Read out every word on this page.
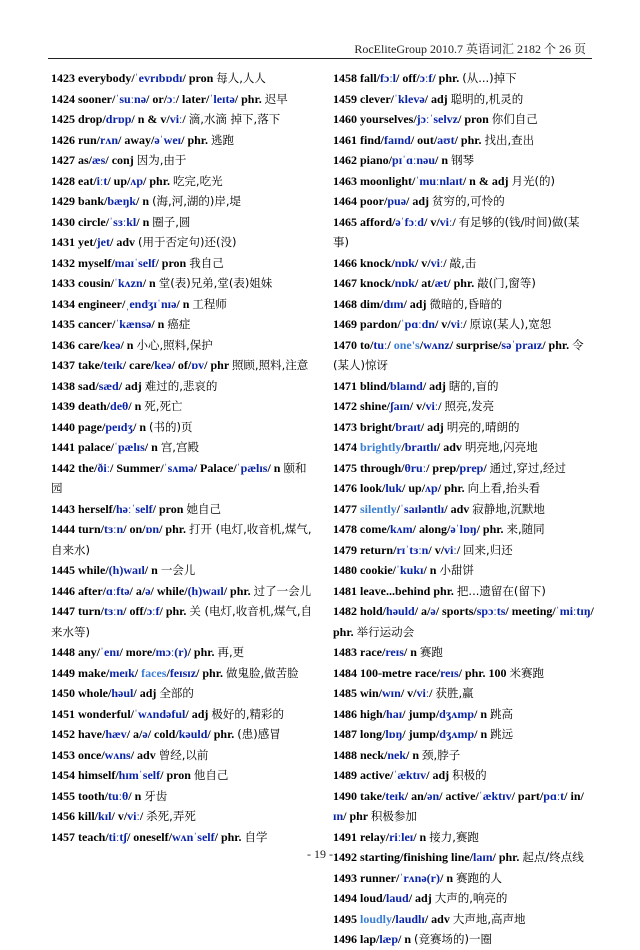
RocEliteGroup 2010.7 英语词汇 2182 个 26 页

1423 everybody/ˈevrɪbɒdɪ/ pron 每人,人人

1424 sooner/ˈsuːnə/ or/ɔː/ later/ˈleɪtə/ phr. 迟早

1425 drop/drɒp/ n & v/viː/ 滴,水滴 掉下,落下

1426 run/rʌn/ away/əˈweɪ/ phr. 逃跑

1427 as/æs/ conj 因为,由于

1428 eat/iːt/ up/ʌp/ phr. 吃完,吃光

1429 bank/bæŋk/ n (海,河,湖的)岸,堤

1430 circle/ˈsɜːkl/ n 圈子,圆

1431 yet/jet/ adv (用于否定句)还(没)

1432 myself/maɪˈself/ pron 我自己

1433 cousin/ˈkʌzn/ n 堂(表)兄弟,堂(表)姐妹

1434 engineer/ˌendʒɪˈnɪə/ n 工程师

1435 cancer/ˈkænsə/ n 癌症

1436 care/keə/ n 小心,照料,保护

1437 take/teɪk/ care/keə/ of/ɒv/ phr 照顾,照料,注意

1438 sad/sæd/ adj 难过的,悲哀的

1439 death/deθ/ n 死,死亡

1440 page/peɪdʒ/ n (书的)页

1441 palace/ˈpælɪs/ n 宫,宫殿

1442 the/ðiː/ Summer/ˈsʌmə/ Palace/ˈpælɪs/ n 颐和园

1443 herself/həːˈself/ pron 她自己

1444 turn/tɜːn/ on/ɒn/ phr. 打开 (电灯,收音机,煤气,自来水)

1445 while/(h)waɪl/ n 一会儿

1446 after/ɑːftə/ a/ə/ while/(h)waɪl/ phr. 过了一会儿

1447 turn/tɜːn/ off/ɔːf/ phr. 关 (电灯,收音机,煤气,自来水等)

1448 any/ˈenɪ/ more/mɔː(r)/ phr. 再,更

1449 make/meɪk/ faces/feɪsɪz/ phr. 做鬼脸,做苦脸

1450 whole/həul/ adj 全部的

1451 wonderful/ˈwʌndəful/ adj 极好的,精彩的

1452 have/hæv/ a/ə/ cold/kəuld/ phr. (患)感冒

1453 once/wʌns/ adv 曾经,以前

1454 himself/hɪmˈself/ pron 他自己

1455 tooth/tuːθ/ n 牙齿

1456 kill/kɪl/ v/viː/ 杀死,弄死

1457 teach/tiːtʃ/ oneself/wʌnˈself/ phr. 自学

1458 fall/fɔːl/ off/ɔːf/ phr. (从...)掉下

1459 clever/ˈklevə/ adj 聪明的,机灵的

1460 yourselves/jɔːˈselvz/ pron 你们自己

1461 find/faɪnd/ out/aʊt/ phr. 找出,查出

1462 piano/pɪˈɑːnəu/ n 钢琴

1463 moonlight/ˈmuːnlaɪt/ n & adj 月光(的)

1464 poor/puə/ adj 贫穷的,可怜的

1465 afford/əˈfɔːd/ v/viː/ 有足够的(钱/时间)做(某事)

1466 knock/nɒk/ v/viː/ 敲,击

1467 knock/nɒk/ at/æt/ phr. 敲(门,窗等)

1468 dim/dɪm/ adj 微暗的,昏暗的

1469 pardon/ˈpɑːdn/ v/viː/ 原谅(某人),宽恕

1470 to/tuː/ one's/wʌnz/ surprise/səˈpraɪz/ phr. 令(某人)惊讶

1471 blind/blaɪnd/ adj 瞎的,盲的

1472 shine/ʃaɪn/ v/viː/ 照亮,发亮

1473 bright/braɪt/ adj 明亮的,晴朗的

1474 brightly/braɪtlɪ/ adv 明亮地,闪亮地

1475 through/θruː/ prep/prep/ 通过,穿过,经过

1476 look/luk/ up/ʌp/ phr. 向上看,抬头看

1477 silently/ˈsaɪləntlɪ/ adv 寂静地,沉默地

1478 come/kʌm/ along/əˈlɒŋ/ phr. 来,随同

1479 return/rɪˈtɜːn/ v/viː/ 回来,归还

1480 cookie/ˈkukɪ/ n 小甜饼

1481 leave...behind phr. 把...遗留在(留下)

1482 hold/həuld/ a/ə/ sports/spɔːts/ meeting/ˈmiːtɪŋ/ phr. 举行运动会

1483 race/reɪs/ n 赛跑

1484 100-metre race/reɪs/ phr. 100 米赛跑

1485 win/wɪn/ v/viː/ 获胜,赢

1486 high/haɪ/ jump/dʒʌmp/ n 跳高

1487 long/lɒŋ/ jump/dʒʌmp/ n 跳远

1488 neck/nek/ n 颈,脖子

1489 active/ˈæktɪv/ adj 积极的

1490 take/teɪk/ an/ən/ active/ˈæktɪv/ part/pɑːt/ in/ɪn/ phr 积极参加

1491 relay/riːleɪ/ n 接力,赛跑

1492 starting/finishing line/laɪn/ phr. 起点/终点线

1493 runner/ˈrʌnə(r)/ n 赛跑的人

1494 loud/laud/ adj 大声的,响亮的

1495 loudly/laudlɪ/ adv 大声地,高声地

1496 lap/læp/ n (竞赛场的)一圈

- 19 -
